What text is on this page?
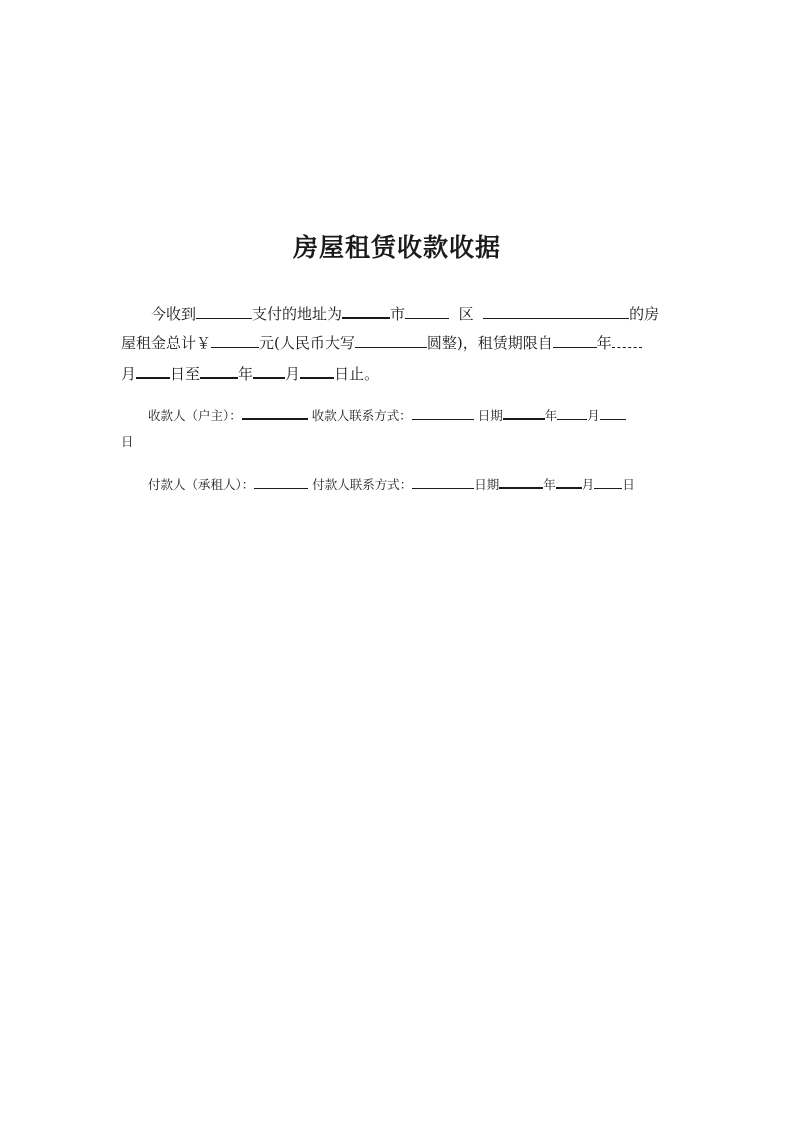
房屋租赁收款收据
今收到	支付的地址为	市	区	的房
屋租金总计￥	元(人民币大写	圆整)，租赁期限自	年
月 日至	年 月 日止。
收款人（户主）：	收款人联系方式：	日期	年 月
日
付款人（承租人）：	付款人联系方式：	日期	年 月 日
